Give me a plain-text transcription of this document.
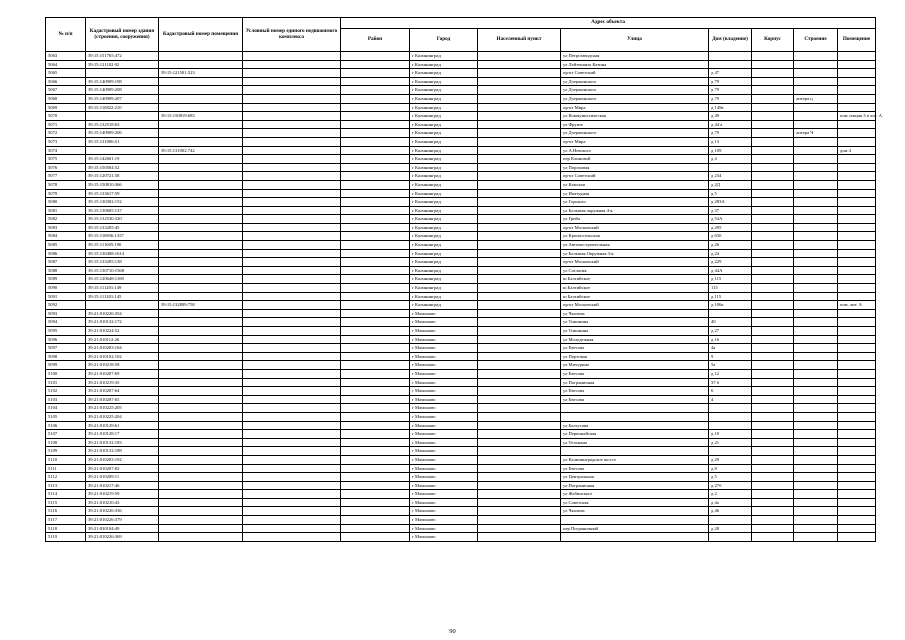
№ п/п	Кадастровый номер здания (строения, сооружения)	Кадастровый номер помещения	Условный номер единого недвижимого комплекса	Адрес объекта							
				Район	Город	Населенный пункт	Улица	Дом (владение)	Корпус	Строение	Помещение
5063	39:15:151765:472				г Калининград		ул Петрозаводская				
5064	39:15:121102:92				г Калининград		ул Лейтенанта Катина				
5065		39:15:121501:523			г Калининград		пр-кт Советский	д 47			
5066	39:15:140909:198				г Калининград		ул Дзержинского	д 79			
5067	39:15:140909:208				г Калининград		ул Дзержинского	д 79			
5068	39:15:140909:207				г Калининград		ул Дзержинского	д 79		литера ц	
5069	39:15:110822:210				г Калининград		пр-кт Мира	д 149в			
5070		39:15:150819:683			г Калининград		ул Коммунистическая	д 49			пом секция 3 в лит. А
5071	39:15:132518:63				г Калининград		ул Фрунзе	д 44 а			
5072	39:15:140909:206				г Калининград		ул Дзержинского	д 79		литера Ч	
5073	39:15:131006:51				г Калининград		пр-кт Мира	д 13			
5074		39:15:131002:742			г Калининград		ул А.Невского	д 109			дом 4
5075	39:15:142601:19				г Калининград		пер Клиновой	д 4			
5076	39:15:150504:52				г Калининград		ул Пороховая				
5077	39:15:120721:58				г Калининград		пр-кт Советский	д 234			
5078	39:15:150810:366				г Калининград		ул Камская	д 2Д			
5079	39:15:133617:59				г Калининград		ул Ипатудная	д 5			
5080	39:15:130302:152				г Калининград		ул Горького	д 283А			
5081	39:15:130605:137				г Калининград		ул Большая окружная 4-я	д 37			
5082	39:15:132530:320				г Калининград		ул Гриба	д 54А			
5083	39:15:133205:45				г Калининград		пр-кт Московский	д 295			
5084	39:15:110836:1357				г Калининград		ул Красносельская	д 63б			
5085	39:15:111605:190				г Калининград		ул Автомостроительная	д 26			
5086	39:15:130408:1614				г Калининград		ул Большая Окружная 3-я	д 24			
5087	39:15:133205:138				г Калининград		пр-кт Московский	д 229			
5088	39:15:130710:1568				г Калининград		ул Согласия	д 44А			
5089	39:15:120648:1169				г Калининград		ш Балтийское	д 115			
5090	39:15:111201:149				г Калининград		ш Балтийское	115			
5091	39:15:111201:145				г Калининград		ш Балтийское	д 115			
5092		39:15:132809:758			г Калининград		пр-кт Московский	д 106а			пом. лит. А
5093	39:21:010226:354				г Мамоново		ул Чкалова				
5094	39:21:010132:172				г Мамоново		ул Тимонина	40			
5095	39:21:010224:52				г Мамоново		ул Тимонина	д 27			
5096	39:21:010112:26				г Мамоново		ул Молодежная	д 16			
5097	39:21:010203:164				г Мамоново		ул Евесова	4а			
5098	39:21:010102:102				г Мамоново		ул Портовая	9			
5099	39:21:010218:58				г Мамоново		ул Мичурина	5а			
5100	39:21:010207:69				г Мамоново		ул Евесова	д 12			
5101	39:21:010219:35				г Мамоново		ул Пограничная	37 б			
5102	39:21:010207:64				г Мамоново		ул Евесова	6			
5103	39:21:010207:65				г Мамоново		ул Евесова	4			
5104	39:21:010225:205				г Мамоново						
5105	39:21:010225:204				г Мамоново						
5106	39:21:010129:61				г Мамоново		ул Балтусова				
5107	39:21:010128:17				г Мамоново		ул Первомайская	д 10			
5108	39:21:010132:183				г Мамоново		ул Тельмана	д 21			
5109	39:21:010132:188				г Мамоново						
5110	39:21:010203:192				г Мамоново		ул Калининградское шоссе	д 29			
5111	39:21:010207:82				г Мамоново		ул Евесова	д 8			
5112	39:21:010209:11				г Мамоново		ул Центральная	д 5			
5113	39:21:010217:46				г Мамоново		ул Пограничная	д 27б			
5114	39:21:010219:59				г Мамоново		ул Жабинского	д 2			
5115	39:21:010210:43				г Мамоново		ул Советская	д 4а			
5116	39:21:010226:336				г Мамоново		ул Чкалова	д 46			
5117	39:21:010226:379				г Мамоново						
5118	39:21:030104:49				г Мамоново		пер Пограничный	д 28			
5119	39:21:010226:369				г Мамоново						
90
